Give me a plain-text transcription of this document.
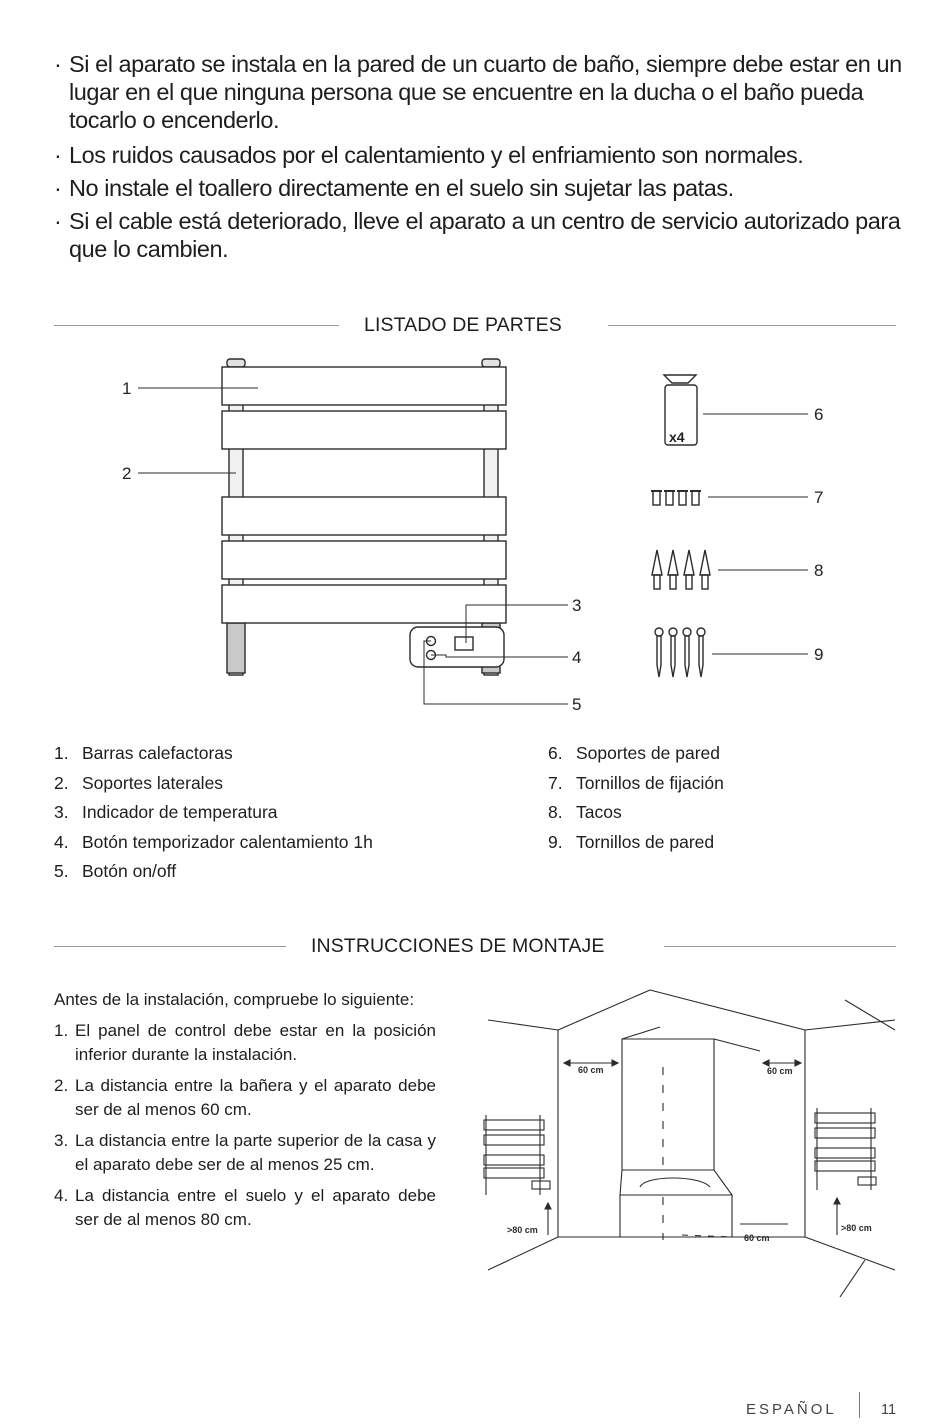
· Si el aparato se instala en la pared de un cuarto de baño, siempre debe estar en un lugar en el que ninguna persona que se encuentre en la ducha o el baño pueda tocarlo o encenderlo.
· Los ruidos causados por el calentamiento y el enfriamiento son normales.
· No instale el toallero directamente en el suelo sin sujetar las patas.
· Si el cable está deteriorado, lleve el aparato a un centro de servicio autorizado para que lo cambien.
LISTADO DE PARTES
x4
1
2
3
4
5
6
7
8
9
1. Barras calefactoras
2. Soportes laterales
3. Indicador de temperatura
4. Botón temporizador calentamiento 1h
5. Botón on/off
6. Soportes de pared
7. Tornillos de fijación
8. Tacos
9. Tornillos de pared
INSTRUCCIONES DE MONTAJE

Antes de la instalación, compruebe lo siguiente:

1. El panel de control debe estar en la posición inferior durante la instalación.
2. La distancia entre la bañera y el aparato debe ser de al menos 60 cm.
3. La distancia entre la parte superior de la casa y el aparato debe ser de al menos 25 cm.
4. La distancia entre el suelo y el aparato debe ser de al menos 80 cm.
60 cm	60 cm
60 cm
>80 cm	>80 cm
ESPAÑOL	11
